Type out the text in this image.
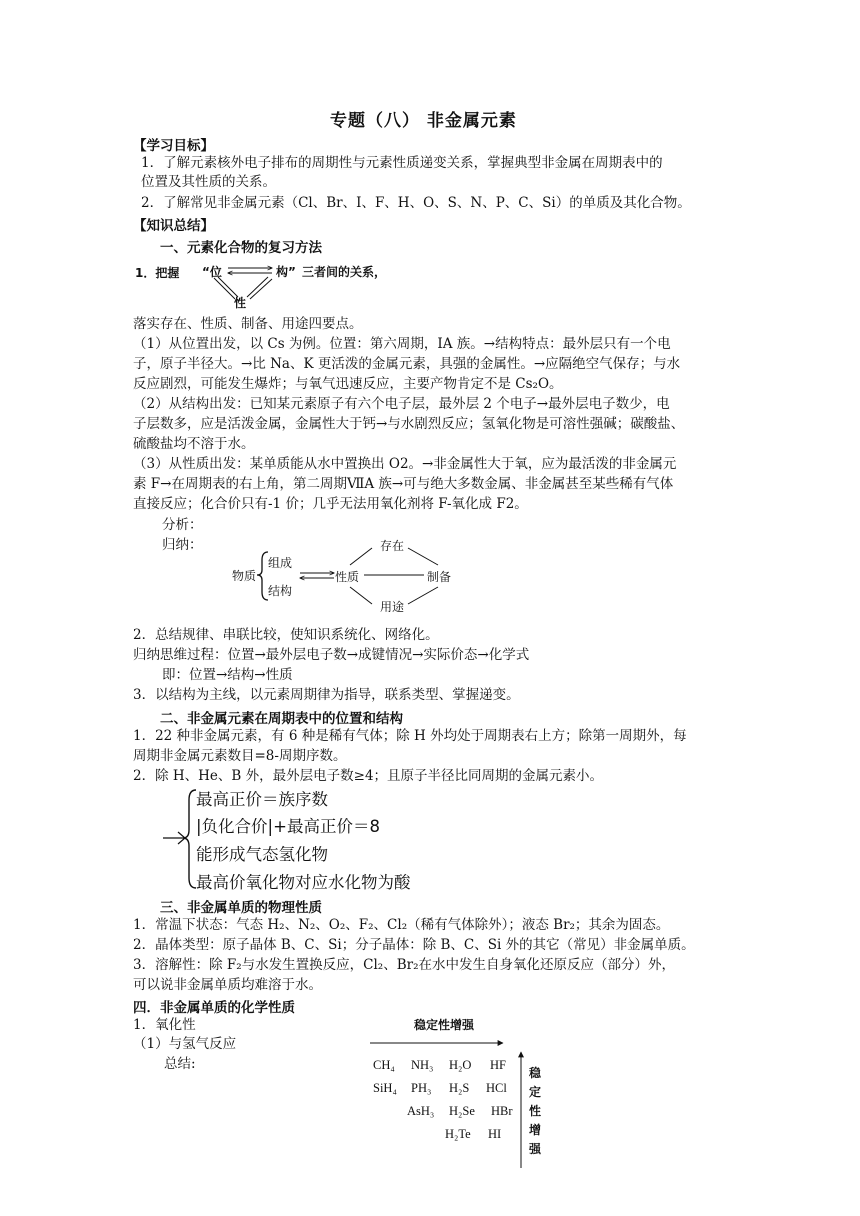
专题（八） 非金属元素
【学习目标】
1．了解元素核外电子排布的周期性与元素性质递变关系，掌握典型非金属在周期表中的
位置及其性质的关系。
2．了解常见非金属元素（Cl、Br、I、F、H、O、S、N、P、C、Si）的单质及其化合物。
【知识总结】
一、元素化合物的复习方法
1．把握 “位	构” 三者间的关系，
性
落实存在、性质、制备、用途四要点。
（1）从位置出发，以 Cs 为例。位置：第六周期，IA 族。→结构特点：最外层只有一个电
子，原子半径大。→比 Na、K 更活泼的金属元素，具强的金属性。→应隔绝空气保存；与水
反应剧烈，可能发生爆炸；与氧气迅速反应，主要产物肯定不是 Cs₂O。
（2）从结构出发：已知某元素原子有六个电子层，最外层 2 个电子→最外层电子数少，电
子层数多，应是活泼金属，金属性大于钙→与水剧烈反应；氢氧化物是可溶性强碱；碳酸盐、
硫酸盐均不溶于水。
（3）从性质出发：某单质能从水中置换出 O2。→非金属性大于氧，应为最活泼的非金属元
素 F→在周期表的右上角，第二周期ⅦA 族→可与绝大多数金属、非金属甚至某些稀有气体
直接反应；化合价只有-1 价；几乎无法用氧化剂将 F-氧化成 F2。
分析：
归纳：
物质
组成
结构
性质	制备
存在
用途
2．总结规律、串联比较，使知识系统化、网络化。
归纳思维过程：位置→最外层电子数→成键情况→实际价态→化学式
即：位置→结构→性质
3．以结构为主线，以元素周期律为指导，联系类型、掌握递变。
二、非金属元素在周期表中的位置和结构
1．22 种非金属元素，有 6 种是稀有气体；除 H 外均处于周期表右上方；除第一周期外，每
周期非金属元素数目=8-周期序数。
2．除 H、He、B 外，最外层电子数≥4；且原子半径比同周期的金属元素小。
最高正价＝族序数
|负化合价|+最高正价＝8
能形成气态氢化物
最高价氧化物对应水化物为酸
三、非金属单质的物理性质
1．常温下状态：气态 H₂、N₂、O₂、F₂、Cl₂（稀有气体除外）；液态 Br₂；其余为固态。
2．晶体类型：原子晶体 B、C、Si；分子晶体：除 B、C、Si 外的其它（常见）非金属单质。
3．溶解性：除 F₂与水发生置换反应，Cl₂、Br₂在水中发生自身氧化还原反应（部分）外，
可以说非金属单质均难溶于水。
四．非金属单质的化学性质
1．氧化性
（1）与氢气反应
总结:
稳定性增强
稳
定
性
增
强
CH₄ NH₃ H₂O HF
SiH₄ PH₃ H₂S HCl
AsH₃ H₂Se HBr
H₂Te HI
